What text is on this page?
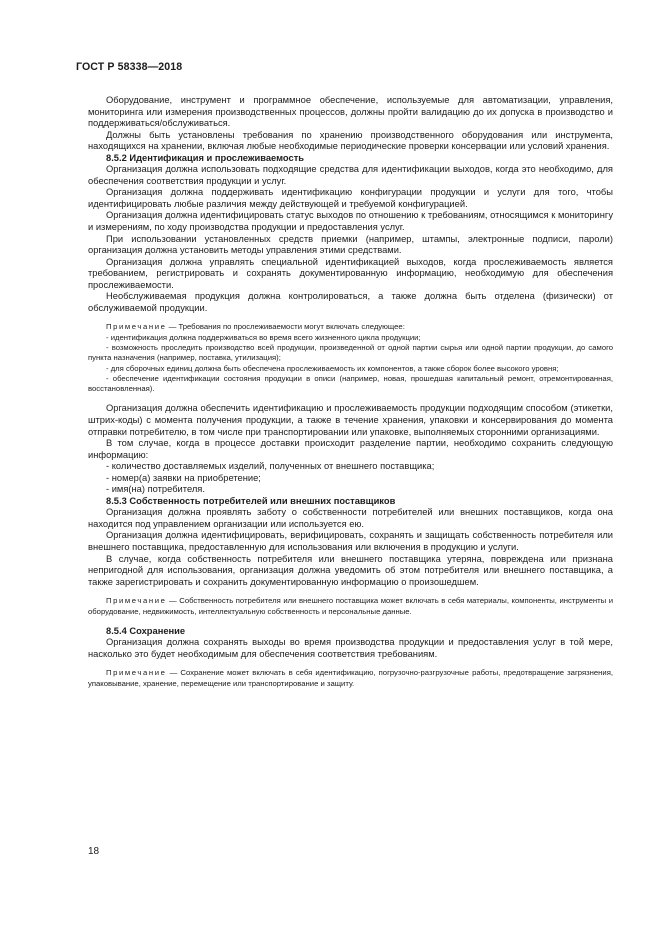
ГОСТ Р 58338—2018

Оборудование, инструмент и программное обеспечение, используемые для автоматизации, управления, мониторинга или измерения производственных процессов, должны пройти валидацию до их допуска в производство и поддерживаться/обслуживаться.

Должны быть установлены требования по хранению производственного оборудования или инструмента, находящихся на хранении, включая любые необходимые периодические проверки консервации или условий хранения.

8.5.2 Идентификация и прослеживаемость

Организация должна использовать подходящие средства для идентификации выходов, когда это необходимо, для обеспечения соответствия продукции и услуг.

Организация должна поддерживать идентификацию конфигурации продукции и услуги для того, чтобы идентифицировать любые различия между действующей и требуемой конфигурацией.

Организация должна идентифицировать статус выходов по отношению к требованиям, относящимся к мониторингу и измерениям, по ходу производства продукции и предоставления услуг.

При использовании установленных средств приемки (например, штампы, электронные подписи, пароли) организация должна установить методы управления этими средствами.

Организация должна управлять специальной идентификацией выходов, когда прослеживаемость является требованием, регистрировать и сохранять документированную информацию, необходимую для обеспечения прослеживаемости.

Необслуживаемая продукция должна контролироваться, а также должна быть отделена (физически) от обслуживаемой продукции.

Примечание — Требования по прослеживаемости могут включать следующее:

- идентификация должна поддерживаться во время всего жизненного цикла продукции;

- возможность проследить производство всей продукции, произведенной от одной партии сырья или одной партии продукции, до самого пункта назначения (например, поставка, утилизация);

- для сборочных единиц должна быть обеспечена прослеживаемость их компонентов, а также сборок более высокого уровня;

- обеспечение идентификации состояния продукции в описи (например, новая, прошедшая капитальный ремонт, отремонтированная, восстановленная).

Организация должна обеспечить идентификацию и прослеживаемость продукции подходящим способом (этикетки, штрих-коды) с момента получения продукции, а также в течение хранения, упаковки и консервирования до момента отправки потребителю, в том числе при транспортировании или упаковке, выполняемых сторонними организациями.

В том случае, когда в процессе доставки происходит разделение партии, необходимо сохранить следующую информацию:

- количество доставляемых изделий, полученных от внешнего поставщика;
- номер(а) заявки на приобретение;
- имя(на) потребителя.
8.5.3 Собственность потребителей или внешних поставщиков

Организация должна проявлять заботу о собственности потребителей или внешних поставщиков, когда она находится под управлением организации или используется ею.

Организация должна идентифицировать, верифицировать, сохранять и защищать собственность потребителя или внешнего поставщика, предоставленную для использования или включения в продукцию и услуги.

В случае, когда собственность потребителя или внешнего поставщика утеряна, повреждена или признана непригодной для использования, организация должна уведомить об этом потребителя или внешнего поставщика, а также зарегистрировать и сохранить документированную информацию о произошедшем.

Примечание — Собственность потребителя или внешнего поставщика может включать в себя материалы, компоненты, инструменты и оборудование, недвижимость, интеллектуальную собственность и персональные данные.

8.5.4 Сохранение

Организация должна сохранять выходы во время производства продукции и предоставления услуг в той мере, насколько это будет необходимым для обеспечения соответствия требованиям.

Примечание — Сохранение может включать в себя идентификацию, погрузочно-разгрузочные работы, предотвращение загрязнения, упаковывание, хранение, перемещение или транспортирование и защиту.

18
